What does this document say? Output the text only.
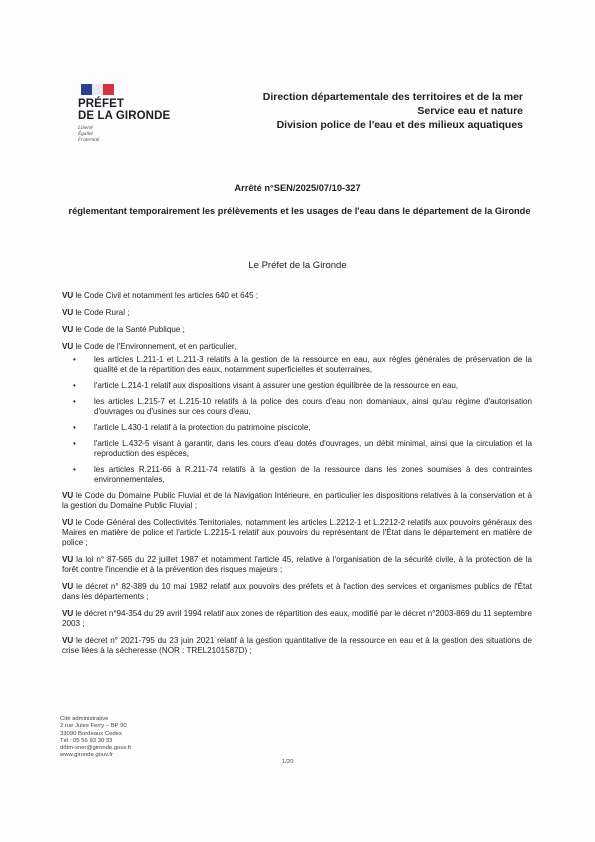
PRÉFET
DE LA GIRONDE
Liberté
Égalité
Fraternité
Direction départementale des territoires et de la mer
Service eau et nature
Division police de l'eau et des milieux aquatiques
Arrêté n°SEN/2025/07/10-327
réglementant temporairement les prélèvements et les usages de l'eau dans le département de la Gironde
Le Préfet de la Gironde

VU le Code Civil et notamment les articles 640 et 645 ;

VU le Code Rural ;

VU le Code de la Santé Publique ;

VU le Code de l'Environnement, et en particulier,

• les articles L.211-1 et L.211-3 relatifs à la gestion de la ressource en eau, aux règles générales de préservation de la qualité et de la répartition des eaux, notamment superficielles et souterraines,
• l'article L.214-1 relatif aux dispositions visant à assurer une gestion équilibrée de la ressource en eau,
• les articles L.215-7 et L.215-10 relatifs à la police des cours d'eau non domaniaux, ainsi qu'au régime d'autorisation d'ouvrages ou d'usines sur ces cours d'eau,
• l'article L.430-1 relatif à la protection du patrimoine piscicole,
• l'article L.432-5 visant à garantir, dans les cours d'eau dotés d'ouvrages, un débit minimal, ainsi que la circulation et la reproduction des espèces,
• les articles R.211-66 à R.211-74 relatifs à la gestion de la ressource dans les zones soumises à des contraintes environnementales,

VU le Code du Domaine Public Fluvial et de la Navigation Intérieure, en particulier les dispositions relatives à la conservation et à la gestion du Domaine Public Fluvial ;

VU le Code Général des Collectivités Territoriales, notamment les articles L.2212-1 et L.2212-2 relatifs aux pouvoirs généraux des Maires en matière de police et l'article L.2215-1 relatif aux pouvoirs du représentant de l'État dans le département en matière de police ;

VU la loi n° 87-565 du 22 juillet 1987 et notamment l'article 45, relative à l'organisation de la sécurité civile, à la protection de la forêt contre l'incendie et à la prévention des risques majeurs ;

VU le décret n° 82-389 du 10 mai 1982 relatif aux pouvoirs des préfets et à l'action des services et organismes publics de l'État dans les départements ;

VU le décret n°94-354 du 29 avril 1994 relatif aux zones de répartition des eaux, modifié par le décret n°2003-869 du 11 septembre 2003 ;

VU le décret n° 2021-795 du 23 juin 2021 relatif à la gestion quantitative de la ressource en eau et à la gestion des situations de crise liées à la sécheresse (NOR : TREL2101587D) ;

Cité administrative
2 rue Jules Ferry – BP 90
33090 Bordeaux Cedex
Tél : 05 56 93 30 33
ddtm-sner@gironde.gouv.fr
www.gironde.gouv.fr
1/20
